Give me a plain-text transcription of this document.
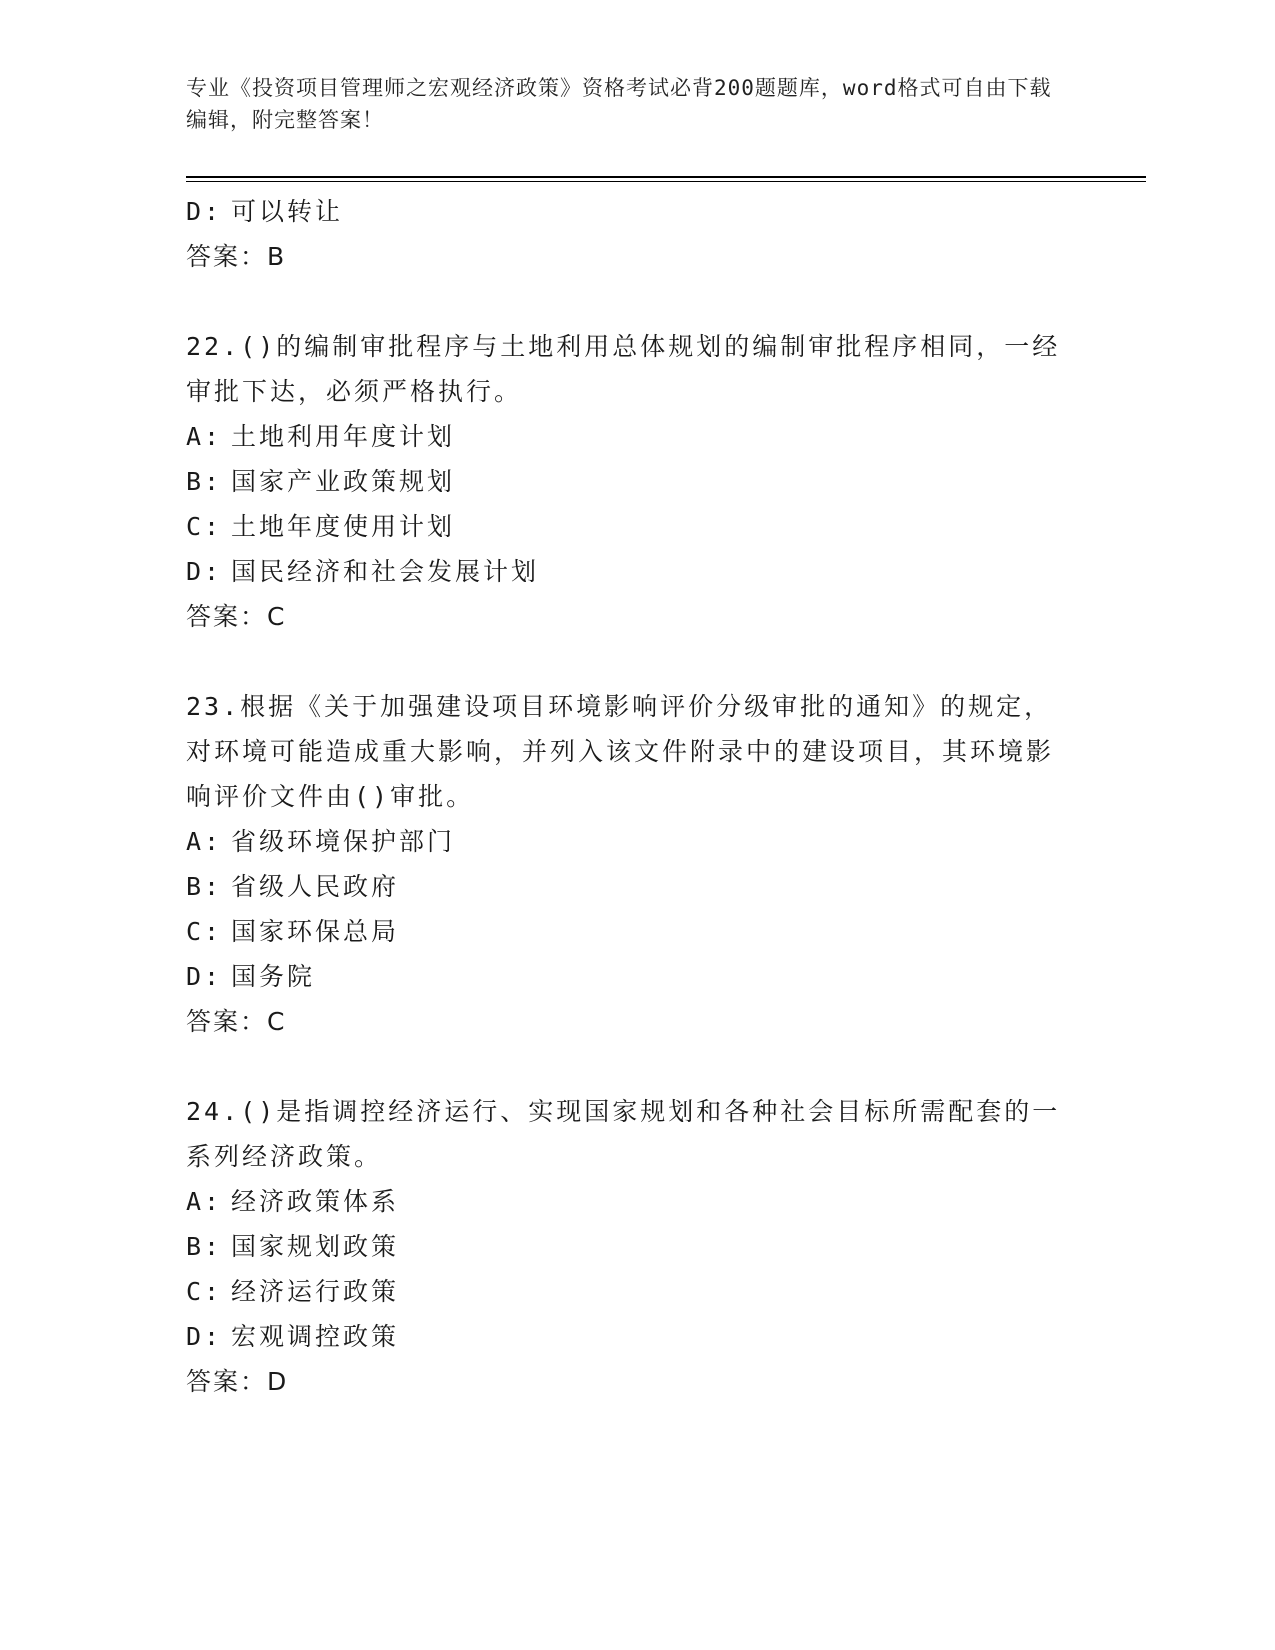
专业《投资项目管理师之宏观经济政策》资格考试必背200题题库，word格式可自由下载编辑，附完整答案！
D: 可以转让
答案：B
22.()的编制审批程序与土地利用总体规划的编制审批程序相同，一经审批下达，必须严格执行。
A: 土地利用年度计划
B: 国家产业政策规划
C: 土地年度使用计划
D: 国民经济和社会发展计划
答案：C
23.根据《关于加强建设项目环境影响评价分级审批的通知》的规定，对环境可能造成重大影响，并列入该文件附录中的建设项目，其环境影响评价文件由()审批。
A: 省级环境保护部门
B: 省级人民政府
C: 国家环保总局
D: 国务院
答案：C
24.()是指调控经济运行、实现国家规划和各种社会目标所需配套的一系列经济政策。
A: 经济政策体系
B: 国家规划政策
C: 经济运行政策
D: 宏观调控政策
答案：D
